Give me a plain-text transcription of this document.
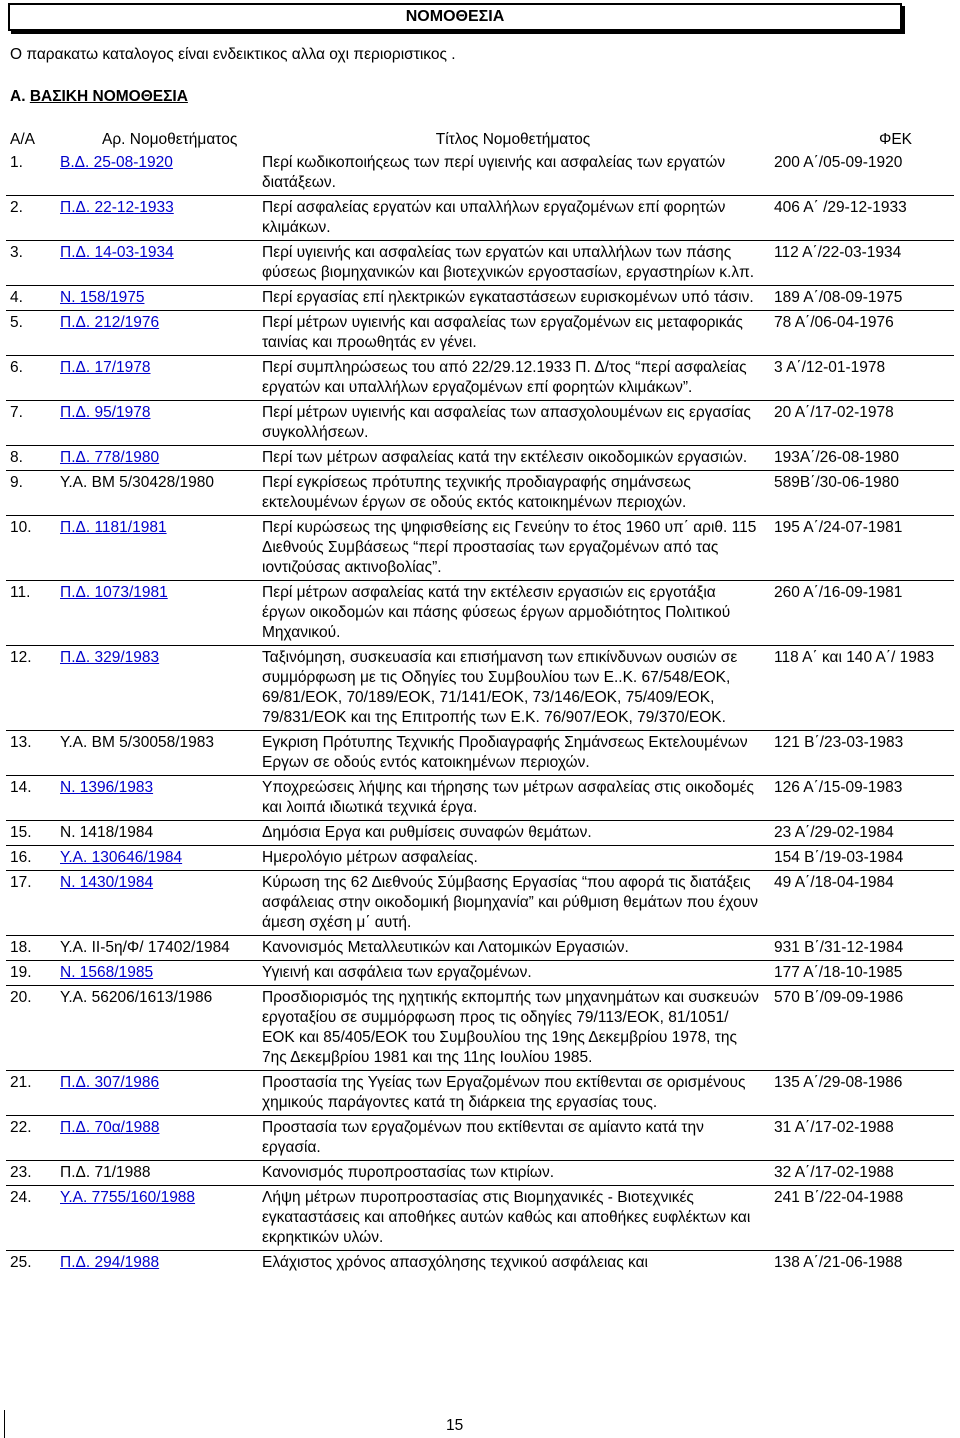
ΝΟΜΟΘΕΣΙΑ
Ο παρακατω καταλογος είναι ενδεικτικος αλλα οχι περιοριστικος .
Α. ΒΑΣΙΚΗ ΝΟΜΟΘΕΣΙΑ
Α/Α	Αρ. Νομοθετήματος	Τίτλος Νομοθετήματος	ΦΕΚ
1.	Β.Δ. 25-08-1920	Περί κωδικοποιήςεως των περί υγιεινής και ασφαλείας των εργατών διατάξεων.	200 Α΄/05-09-1920
2.	Π.Δ. 22-12-1933	Περί ασφαλείας εργατών και υπαλλήλων εργαζομένων επί φορητών κλιμάκων.	406 Α΄ /29-12-1933
3.	Π.Δ. 14-03-1934	Περί υγιεινής και ασφαλείας των εργατών και υπαλλήλων των πάσης φύσεως βιομηχανικών και βιοτεχνικών εργοστασίων, εργαστηρίων κ.λπ.	112 Α΄/22-03-1934
4.	Ν. 158/1975	Περί εργασίας επί ηλεκτρικών εγκαταστάσεων ευρισκομένων υπό τάσιν.	189 Α΄/08-09-1975
5.	Π.Δ. 212/1976	Περί μέτρων υγιεινής και ασφαλείας των εργαζομένων εις μεταφορικάς ταινίας και προωθητάς εν γένει.	78 Α΄/06-04-1976
6.	Π.Δ. 17/1978	Περί συμπληρώσεως του από 22/29.12.1933 Π. Δ/τος “περί ασφαλείας εργατών και υπαλλήλων εργαζομένων επί φορητών κλιμάκων”.	3 Α΄/12-01-1978
7.	Π.Δ. 95/1978	Περί μέτρων υγιεινής και ασφαλείας των απασχολουμένων εις εργασίας συγκολλήσεων.	20 Α΄/17-02-1978
8.	Π.Δ. 778/1980	Περί των μέτρων ασφαλείας κατά την εκτέλεσιν οικοδομικών εργασιών.	193Α΄/26-08-1980
9.	Υ.Α. ΒΜ 5/30428/1980	Περί εγκρίσεως πρότυπης τεχνικής προδιαγραφής σημάνσεως εκτελουμένων έργων σε οδούς εκτός κατοικημένων περιοχών.	589Β΄/30-06-1980
10.	Π.Δ. 1181/1981	Περί κυρώσεως της ψηφισθείσης εις Γενεύην το έτος 1960 υπ΄ αριθ. 115 Διεθνούς Συμβάσεως “περί προστασίας των εργαζομένων από τας ιοντιζούσας ακτινοβολίας”.	195 Α΄/24-07-1981
11.	Π.Δ. 1073/1981	Περί μέτρων ασφαλείας κατά την εκτέλεσιν εργασιών εις εργοτάξια έργων οικοδομών και πάσης φύσεως έργων αρμοδιότητος Πολιτικού Μηχανικού.	260 Α΄/16-09-1981
12.	Π.Δ. 329/1983	Ταξινόμηση, συσκευασία και επισήμανση των επικίνδυνων ουσιών σε συμμόρφωση με τις Οδηγίες του Συμβουλίου των Ε..Κ. 67/548/ΕΟΚ, 69/81/ΕΟΚ, 70/189/ΕΟΚ, 71/141/ΕΟΚ, 73/146/ΕΟΚ, 75/409/ΕΟΚ, 79/831/ΕΟΚ και της Επιτροπής των Ε.Κ. 76/907/ΕΟΚ, 79/370/ΕΟΚ.	118 Α΄ και 140 Α΄/ 1983
13.	Υ.Α. ΒΜ 5/30058/1983	Εγκριση Πρότυπης Τεχνικής Προδιαγραφής Σημάνσεως Εκτελουμένων Εργων σε οδούς εντός κατοικημένων περιοχών.	121 Β΄/23-03-1983
14.	Ν. 1396/1983	Υποχρεώσεις λήψης και τήρησης των μέτρων ασφαλείας στις οικοδομές και λοιπά ιδιωτικά τεχνικά έργα.	126 Α΄/15-09-1983
15.	Ν. 1418/1984	Δημόσια Εργα και ρυθμίσεις συναφών θεμάτων.	23 Α΄/29-02-1984
16.	Υ.Α. 130646/1984	Ημερολόγιο μέτρων ασφαλείας.	154 Β΄/19-03-1984
17.	Ν. 1430/1984	Κύρωση της 62 Διεθνούς Σύμβασης Εργασίας “που αφορά τις διατάξεις ασφάλειας στην οικοδομική βιομηχανία” και ρύθμιση θεμάτων που έχουν άμεση σχέση μ΄ αυτή.	49 Α΄/18-04-1984
18.	Υ.Α. ΙΙ-5η/Φ/ 17402/1984	Κανονισμός Μεταλλευτικών και Λατομικών Εργασιών.	931 Β΄/31-12-1984
19.	Ν. 1568/1985	Υγιεινή και ασφάλεια των εργαζομένων.	177 Α΄/18-10-1985
20.	Υ.Α. 56206/1613/1986	Προσδιορισμός της ηχητικής εκπομπής των μηχανημάτων και συσκευών εργοταξίου σε συμμόρφωση προς τις οδηγίες 79/113/ΕΟΚ, 81/1051/ΕΟΚ και 85/405/ΕΟΚ του Συμβουλίου της 19ης Δεκεμβρίου 1978, της 7ης Δεκεμβρίου 1981 και της 11ης Ιουλίου 1985.	570 Β΄/09-09-1986
21.	Π.Δ. 307/1986	Προστασία της Υγείας των Εργαζομένων που εκτίθενται σε ορισμένους χημικούς παράγοντες κατά τη διάρκεια της εργασίας τους.	135 Α΄/29-08-1986
22.	Π.Δ. 70α/1988	Προστασία των εργαζομένων που εκτίθενται σε αμίαντο κατά την εργασία.	31 Α΄/17-02-1988
23.	Π.Δ. 71/1988	Κανονισμός πυροπροστασίας των κτιρίων.	32 Α΄/17-02-1988
24.	Υ.Α. 7755/160/1988	Λήψη μέτρων πυροπροστασίας στις Βιομηχανικές - Βιοτεχνικές εγκαταστάσεις και αποθήκες αυτών καθώς και αποθήκες ευφλέκτων και εκρηκτικών υλών.	241 Β΄/22-04-1988
25.	Π.Δ. 294/1988	Ελάχιστος χρόνος απασχόλησης τεχνικού ασφάλειας και	138 Α΄/21-06-1988
15
